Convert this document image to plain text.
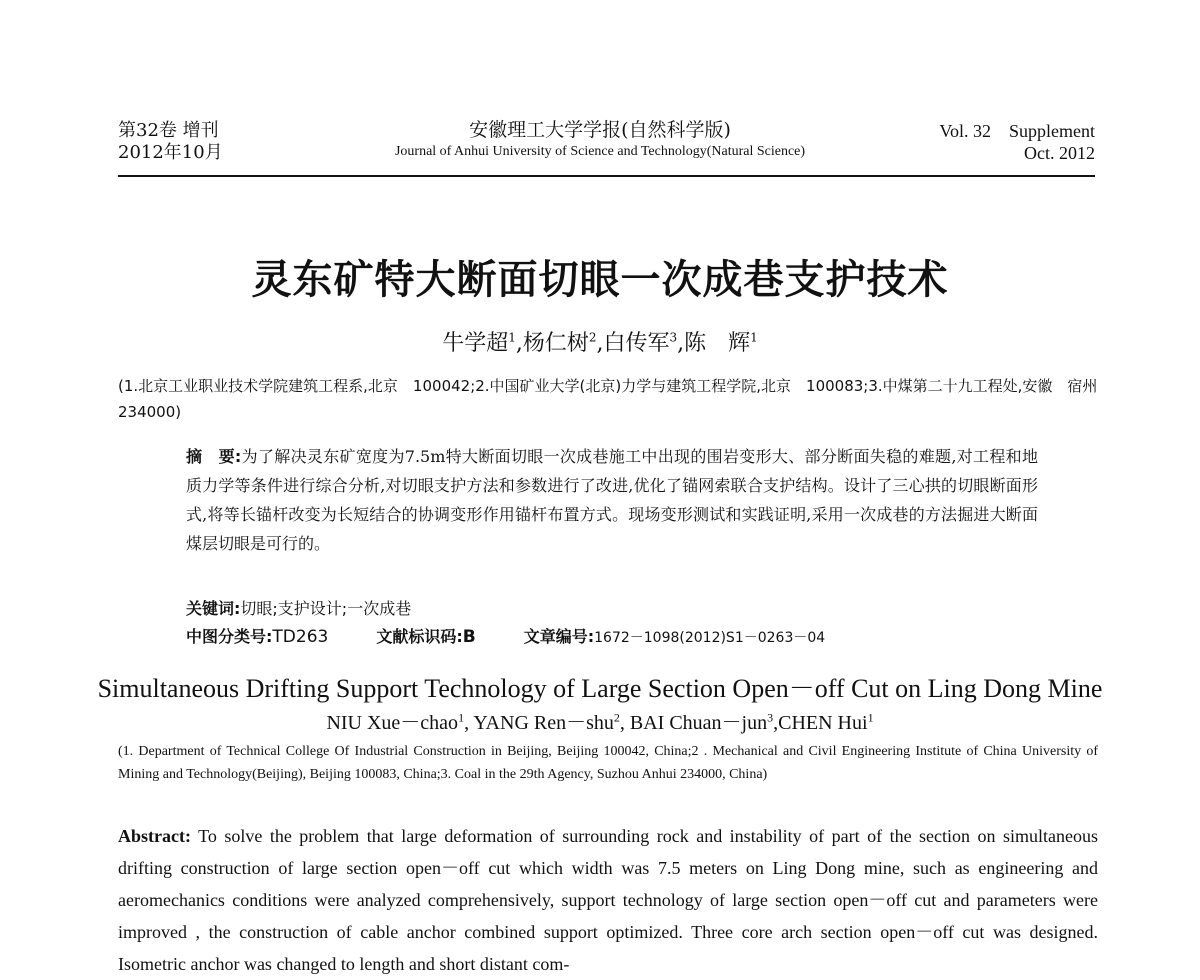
第32卷 增刊
2012年10月
安徽理工大学学报(自然科学版)
Journal of Anhui University of Science and Technology(Natural Science)
Vol. 32 Supplement
Oct. 2012
灵东矿特大断面切眼一次成巷支护技术
牛学超$^1$,杨仁树$^2$,白传军$^3$,陈　辉$^1$
(1.北京工业职业技术学院建筑工程系,北京　100042;2.中国矿业大学(北京)力学与建筑工程学院,北京　100083;3.中煤第二十九工程处,安徽　宿州　234000)
摘　要:为了解决灵东矿宽度为7.5m特大断面切眼一次成巷施工中出现的围岩变形大、部分断面失稳的难题,对工程和地质力学等条件进行综合分析,对切眼支护方法和参数进行了改进,优化了锚网索联合支护结构。设计了三心拱的切眼断面形式,将等长锚杆改变为长短结合的协调变形作用锚杆布置方式。现场变形测试和实践证明,采用一次成巷的方法掘进大断面煤层切眼是可行的。
关键词:切眼;支护设计;一次成巷
中图分类号:TD263	文献标识码:B	文章编号:1672－1098(2012)S1－0263－04
Simultaneous Drifting Support Technology of Large Section Open－off Cut on Ling Dong Mine
NIU Xue－chao$^1$, YANG Ren－shu$^2$, BAI Chuan－jun$^3$,CHEN Hui$^1$
(1. Department of Technical College Of Industrial Construction in Beijing, Beijing 100042, China;2 . Mechanical and Civil Engineering Institute of China University of Mining and Technology(Beijing), Beijing 100083, China;3. Coal in the 29th Agency, Suzhou Anhui 234000, China)
Abstract: To solve the problem that large deformation of surrounding rock and instability of part of the section on simultaneous drifting construction of large section open－off cut which width was 7.5 meters on Ling Dong mine, such as engineering and aeromechanics conditions were analyzed comprehensively, support technology of large section open－off cut and parameters were improved , the construction of cable anchor combined support optimized. Three core arch section open－off cut was designed. Isometric anchor was changed to length and short distant com-
